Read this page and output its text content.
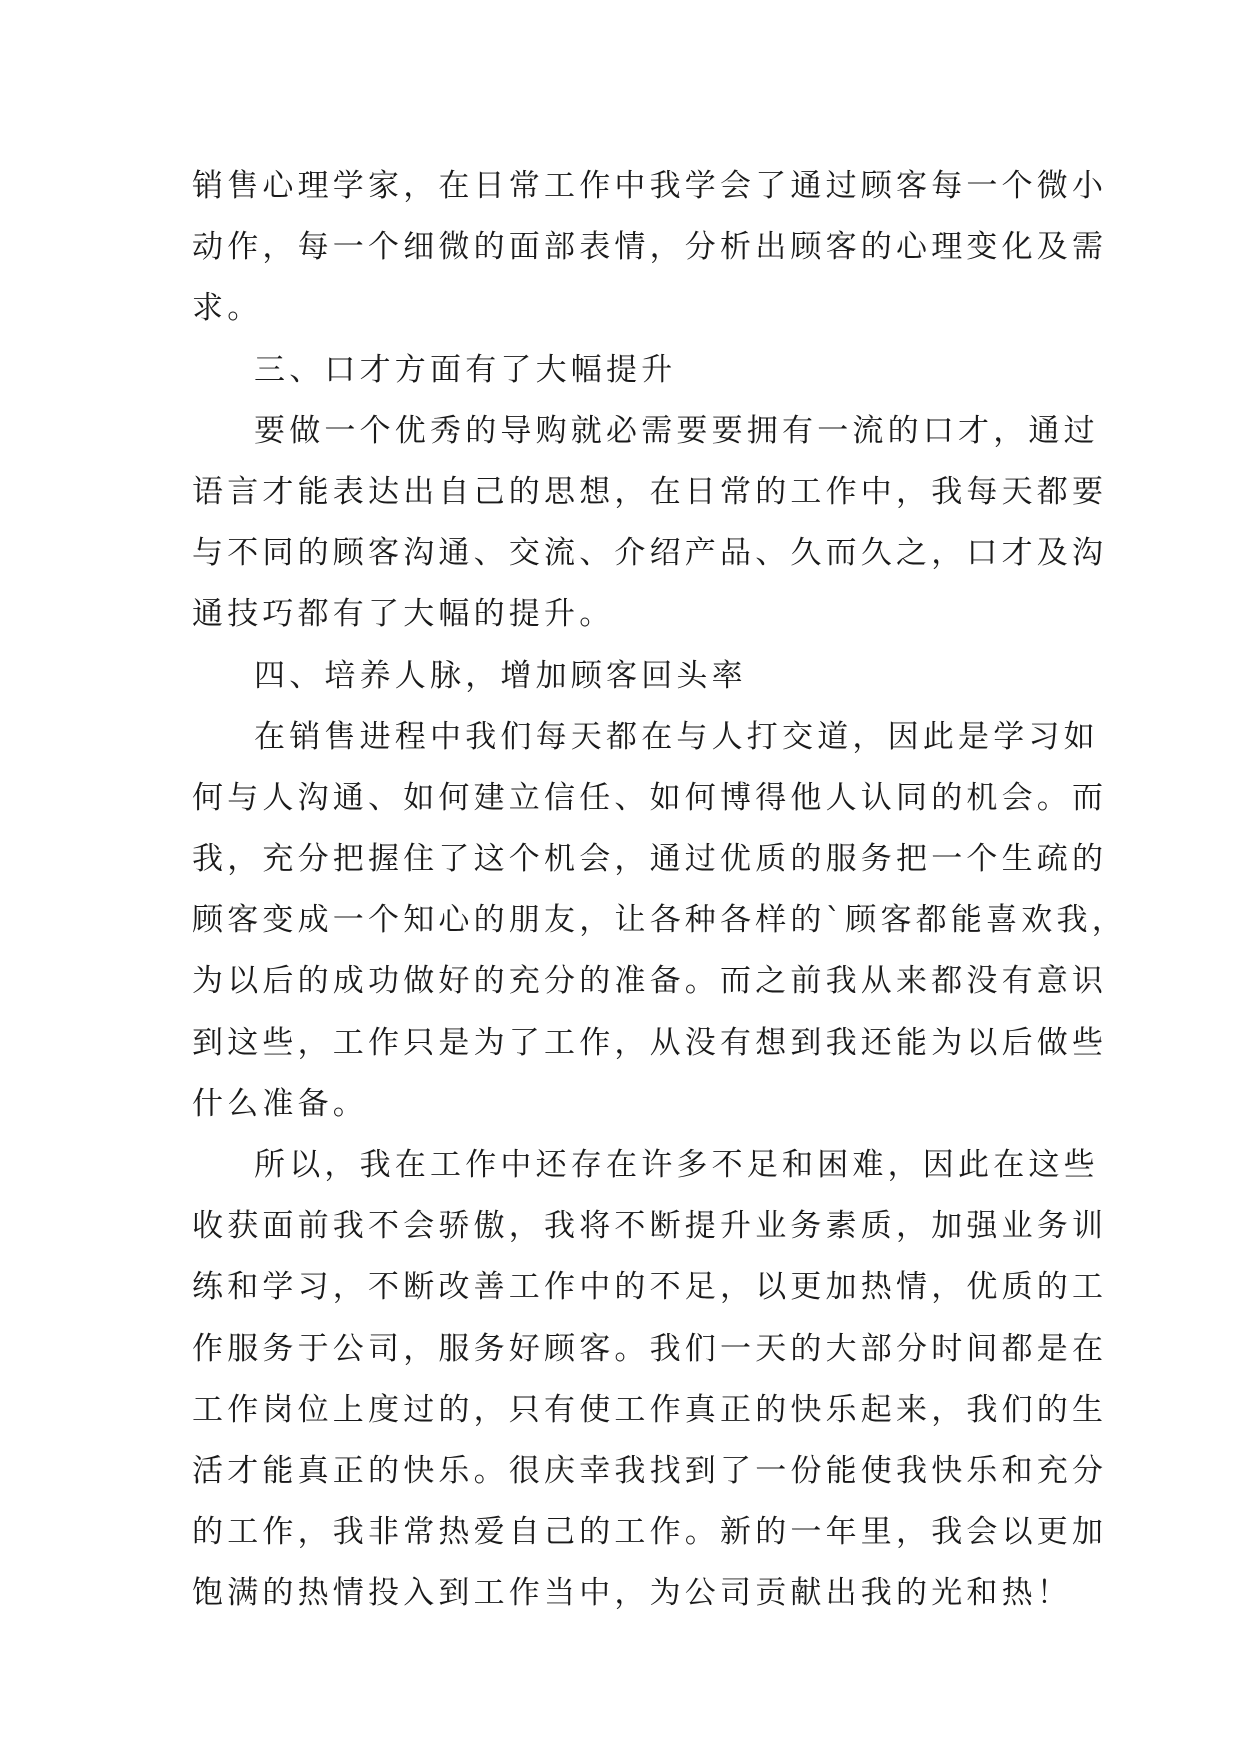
销售心理学家，在日常工作中我学会了通过顾客每一个微小
动作，每一个细微的面部表情，分析出顾客的心理变化及需
求。
三、口才方面有了大幅提升
要做一个优秀的导购就必需要要拥有一流的口才，通过
语言才能表达出自己的思想，在日常的工作中，我每天都要
与不同的顾客沟通、交流、介绍产品、久而久之，口才及沟
通技巧都有了大幅的提升。
四、培养人脉，增加顾客回头率
在销售进程中我们每天都在与人打交道，因此是学习如
何与人沟通、如何建立信任、如何博得他人认同的机会。而
我，充分把握住了这个机会，通过优质的服务把一个生疏的
顾客变成一个知心的朋友，让各种各样的`顾客都能喜欢我，
为以后的成功做好的充分的准备。而之前我从来都没有意识
到这些，工作只是为了工作，从没有想到我还能为以后做些
什么准备。
所以，我在工作中还存在许多不足和困难，因此在这些
收获面前我不会骄傲，我将不断提升业务素质，加强业务训
练和学习，不断改善工作中的不足，以更加热情，优质的工
作服务于公司，服务好顾客。我们一天的大部分时间都是在
工作岗位上度过的，只有使工作真正的快乐起来，我们的生
活才能真正的快乐。很庆幸我找到了一份能使我快乐和充分
的工作，我非常热爱自己的工作。新的一年里，我会以更加
饱满的热情投入到工作当中，为公司贡献出我的光和热！
